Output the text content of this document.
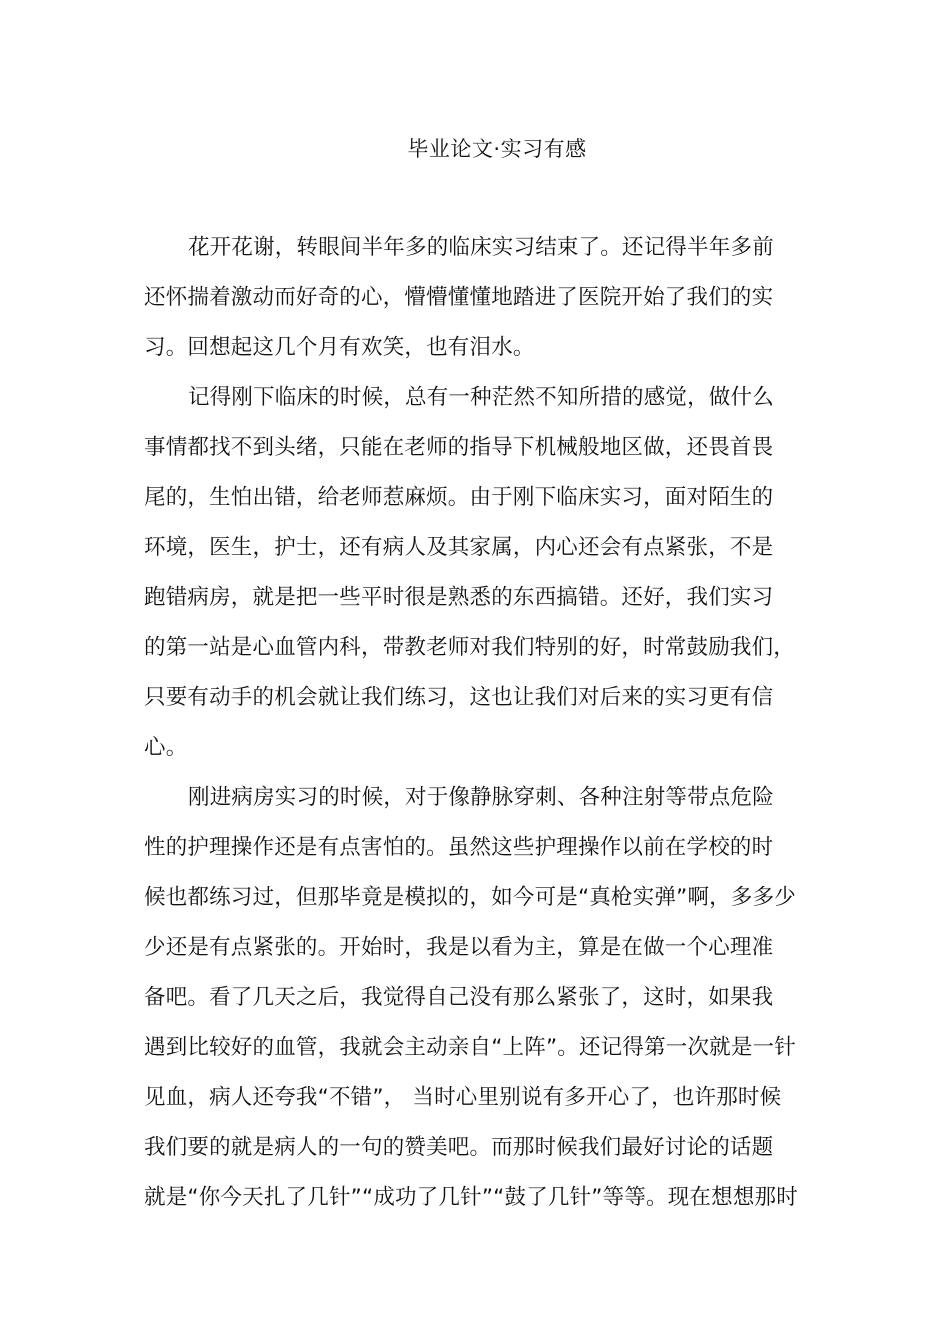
毕业论文·实习有感
花开花谢，转眼间半年多的临床实习结束了。还记得半年多前
还怀揣着激动而好奇的心，懵懵懂懂地踏进了医院开始了我们的实
习。回想起这几个月有欢笑，也有泪水。
记得刚下临床的时候，总有一种茫然不知所措的感觉，做什么
事情都找不到头绪，只能在老师的指导下机械般地区做，还畏首畏
尾的，生怕出错，给老师惹麻烦。由于刚下临床实习，面对陌生的
环境，医生，护士，还有病人及其家属，内心还会有点紧张，不是
跑错病房，就是把一些平时很是熟悉的东西搞错。还好，我们实习
的第一站是心血管内科，带教老师对我们特别的好，时常鼓励我们，
只要有动手的机会就让我们练习，这也让我们对后来的实习更有信
心。
刚进病房实习的时候，对于像静脉穿刺、各种注射等带点危险
性的护理操作还是有点害怕的。虽然这些护理操作以前在学校的时
候也都练习过，但那毕竟是模拟的，如今可是“真枪实弹”啊，多多少
少还是有点紧张的。开始时，我是以看为主，算是在做一个心理准
备吧。看了几天之后，我觉得自己没有那么紧张了，这时，如果我
遇到比较好的血管，我就会主动亲自“上阵”。还记得第一次就是一针
见血，病人还夸我“不错”， 当时心里别说有多开心了，也许那时候
我们要的就是病人的一句的赞美吧。而那时候我们最好讨论的话题
就是“你今天扎了几针”“成功了几针”“鼓了几针”等等。现在想想那时
